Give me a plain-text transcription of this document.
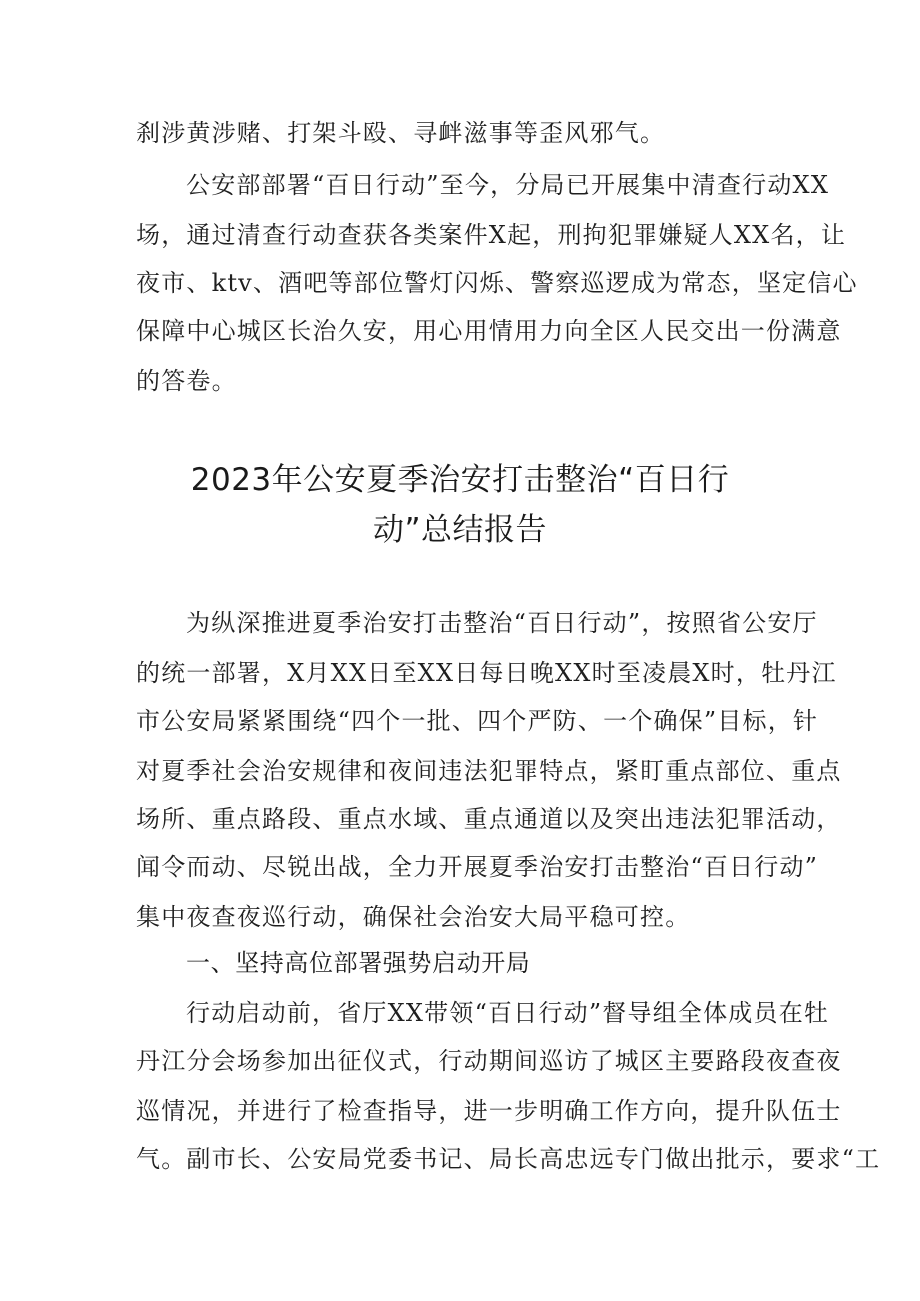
刹涉黄涉赌、打架斗殴、寻衅滋事等歪风邪气。
公安部部署“百日行动”至今，分局已开展集中清查行动XX
场，通过清查行动查获各类案件X起，刑拘犯罪嫌疑人XX名，让
夜市、ktv、酒吧等部位警灯闪烁、警察巡逻成为常态，坚定信心
保障中心城区长治久安，用心用情用力向全区人民交出一份满意
的答卷。
2023年公安夏季治安打击整治“百日行
动”总结报告
为纵深推进夏季治安打击整治“百日行动”，按照省公安厅
的统一部署，X月XX日至XX日每日晚XX时至凌晨X时，牡丹江
市公安局紧紧围绕“四个一批、四个严防、一个确保”目标，针
对夏季社会治安规律和夜间违法犯罪特点，紧盯重点部位、重点
场所、重点路段、重点水域、重点通道以及突出违法犯罪活动，
闻令而动、尽锐出战，全力开展夏季治安打击整治“百日行动”
集中夜查夜巡行动，确保社会治安大局平稳可控。
一、坚持高位部署强势启动开局
行动启动前，省厅XX带领“百日行动”督导组全体成员在牡
丹江分会场参加出征仪式，行动期间巡访了城区主要路段夜查夜
巡情况，并进行了检查指导，进一步明确工作方向，提升队伍士
气。副市长、公安局党委书记、局长高忠远专门做出批示，要求“工
